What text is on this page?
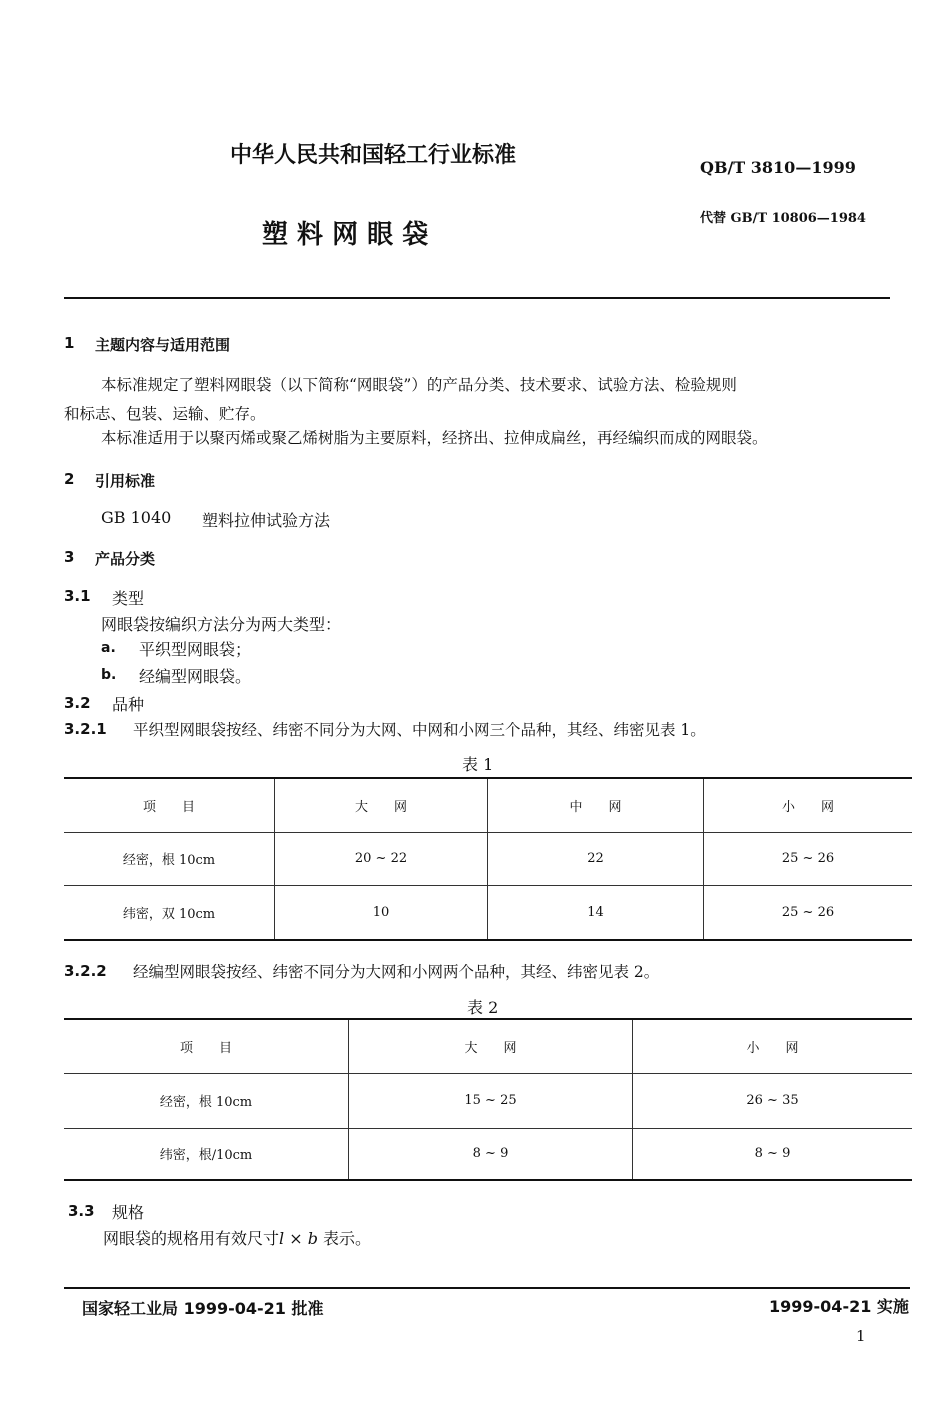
中华人民共和国轻工行业标准	QB/T 3810—1999
塑 料 网 眼 袋
代替 GB/T 10806—1984
1 主题内容与适用范围
本标准规定了塑料网眼袋（以下简称“网眼袋”）的产品分类、技术要求、试验方法、检验规则
和标志、包装、运输、贮存。
本标准适用于以聚丙烯或聚乙烯树脂为主要原料，经挤出、拉伸成扁丝，再经编织而成的网眼袋。
2 引用标准
GB 1040 塑料拉伸试验方法
3 产品分类
3.1 类型
网眼袋按编织方法分为两大类型：
a. 平织型网眼袋；
b. 经编型网眼袋。
3.2 品种
3.2.1 平织型网眼袋按经、纬密不同分为大网、中网和小网三个品种，其经、纬密见表 1。
表 1
项　　目	大　　网	中　　网	小　　网
经密，根 10cm	20 ~ 22	22	25 ~ 26
纬密，双 10cm	10	14	25 ~ 26
3.2.2 经编型网眼袋按经、纬密不同分为大网和小网两个品种，其经、纬密见表 2。
表 2
项　　目	大　　网	小　　网
经密，根 10cm	15 ~ 25	26 ~ 35
纬密，根/10cm	8 ~ 9	8 ~ 9
3.3 规格
网眼袋的规格用有效尺寸l × b 表示。
国家轻工业局 1999-04-21 批准	1999-04-21 实施
1
